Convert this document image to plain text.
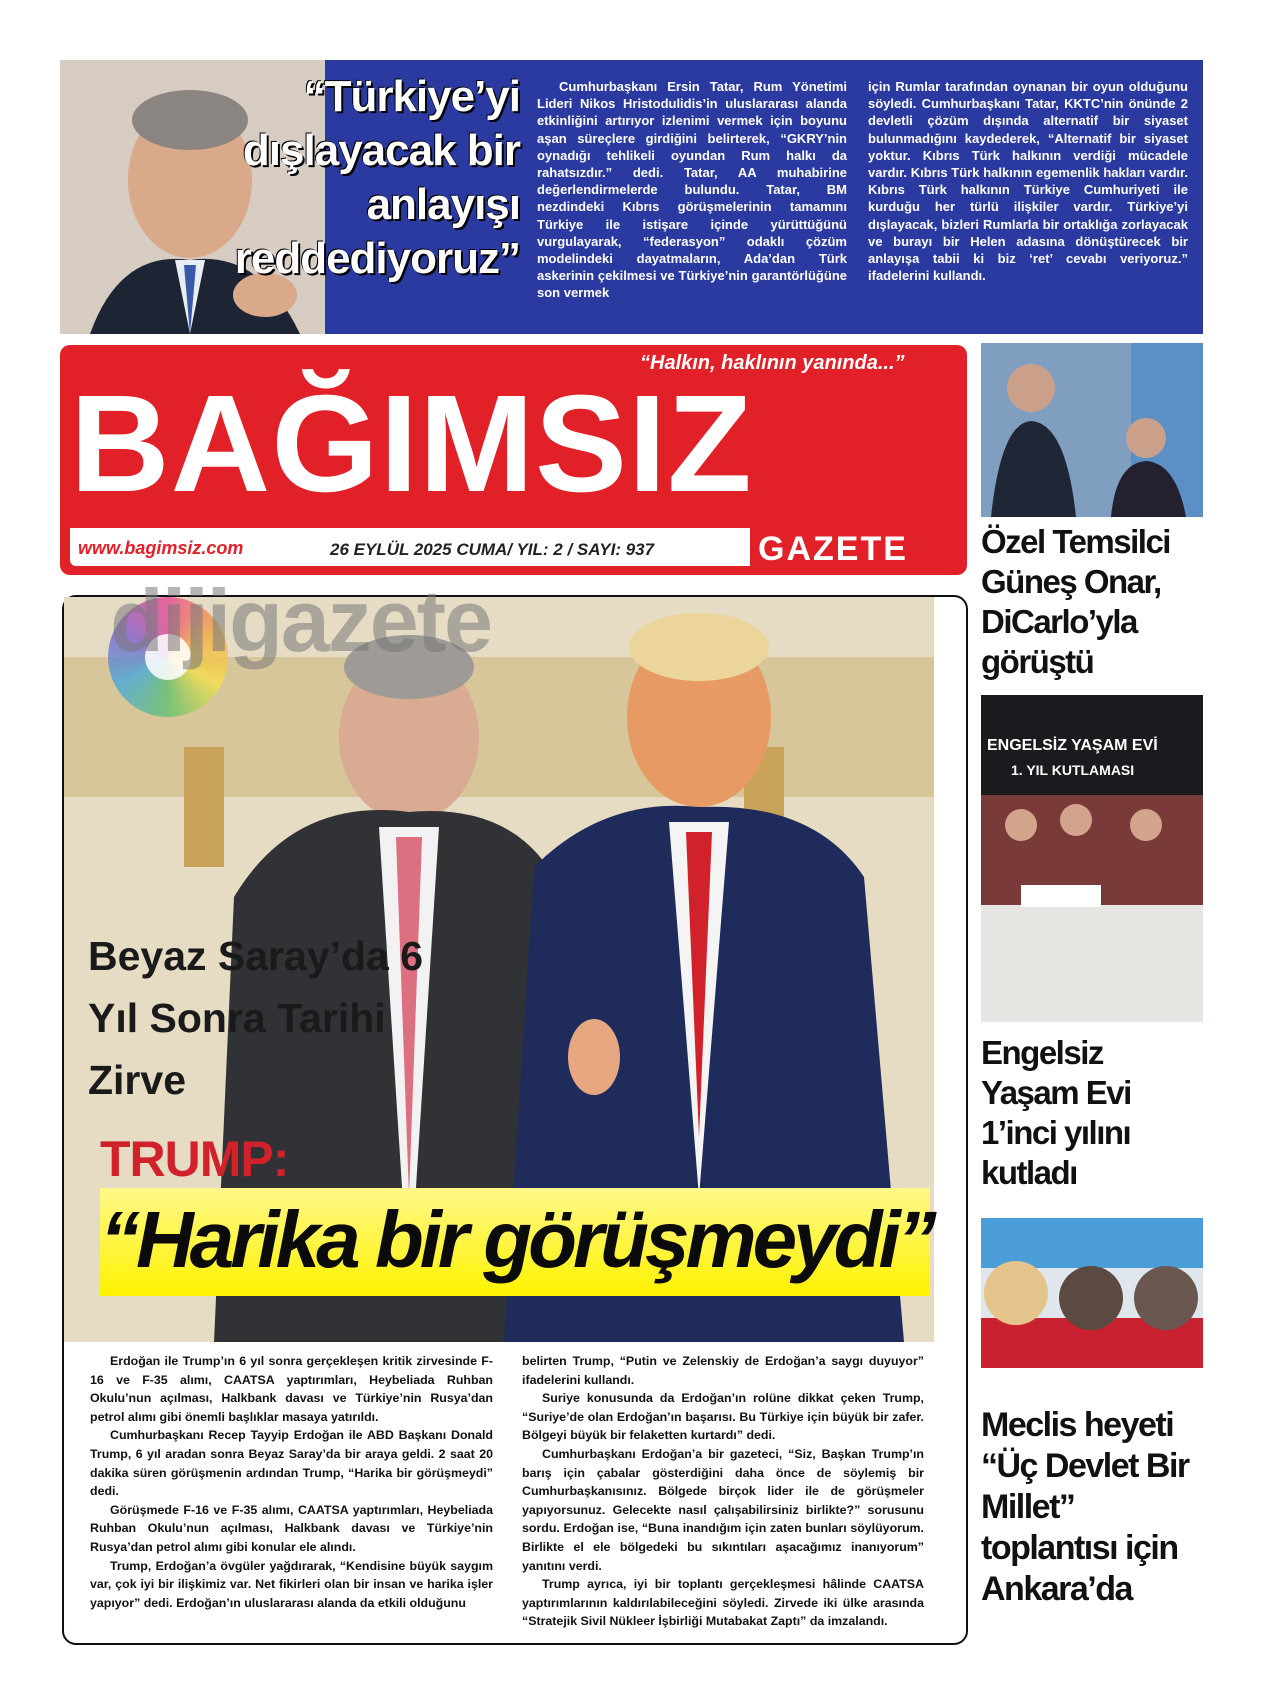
“Türkiye’yi dışlayacak bir anlayışı reddediyoruz”
Cumhurbaşkanı Ersin Tatar, Rum Yönetimi Lideri Nikos Hristodulidis’in uluslararası alanda etkinliğini artırıyor izlenimi vermek için boyunu aşan süreçlere girdiğini belirterek, “GKRY’nin oynadığı tehlikeli oyundan Rum halkı da rahatsızdır.” dedi. Tatar, AA muhabirine değerlendirmelerde bulundu. Tatar, BM nezdindeki Kıbrıs görüşmelerinin tamamını Türkiye ile istişare içinde yürüttüğünü vurgulayarak, “federasyon” odaklı çözüm modelindeki dayatmaların, Ada’dan Türk askerinin çekilmesi ve Türkiye’nin garantörlüğüne son vermek
için Rumlar tarafından oynanan bir oyun olduğunu söyledi. Cumhurbaşkanı Tatar, KKTC’nin önünde 2 devletli çözüm dışında alternatif bir siyaset bulunmadığını kaydederek, “Alternatif bir siyaset yoktur. Kıbrıs Türk halkının verdiği mücadele vardır. Kıbrıs Türk halkının egemenlik hakları vardır. Kıbrıs Türk halkının Türkiye Cumhuriyeti ile kurduğu her türlü ilişkiler vardır. Türkiye’yi dışlayacak, bizleri Rumlarla bir ortaklığa zorlayacak ve burayı bir Helen adasına dönüştürecek bir anlayışa tabii ki biz ‘ret’ cevabı veriyoruz.” ifadelerini kullandı.
“Halkın, haklının yanında...”
BAĞIMSIZ
www.bagimsiz.com	26 EYLÜL 2025 CUMA/ YIL: 2 / SAYI: 937	GAZETE Özel Temsilci Güneş Onar, DiCarlo’yla görüştü
ENGELSİZ YAŞAM EVİ
1. YIL KUTLAMASI
Engelsiz Yaşam Evi 1’inci yılını kutladı
Meclis heyeti “Üç Devlet Bir Millet” toplantısı için Ankara’da
dijigazete
Beyaz Saray’da 6 Yıl Sonra Tarihi Zirve
TRUMP:
“Harika bir görüşmeydi”

Erdoğan ile Trump’ın 6 yıl sonra gerçekleşen kritik zirvesinde F-16 ve F-35 alımı, CAATSA yaptırımları, Heybeliada Ruhban Okulu’nun açılması, Halkbank davası ve Türkiye’nin Rusya’dan petrol alımı gibi önemli başlıklar masaya yatırıldı.

Cumhurbaşkanı Recep Tayyip Erdoğan ile ABD Başkanı Donald Trump, 6 yıl aradan sonra Beyaz Saray’da bir araya geldi. 2 saat 20 dakika süren görüşmenin ardından Trump, “Harika bir görüşmeydi” dedi.

Görüşmede F-16 ve F-35 alımı, CAATSA yaptırımları, Heybeliada Ruhban Okulu’nun açılması, Halkbank davası ve Türkiye’nin Rusya’dan petrol alımı gibi konular ele alındı.

Trump, Erdoğan’a övgüler yağdırarak, “Kendisine büyük saygım var, çok iyi bir ilişkimiz var. Net fikirleri olan bir insan ve harika işler yapıyor” dedi. Erdoğan’ın uluslararası alanda da etkili olduğunu

belirten Trump, “Putin ve Zelenskiy de Erdoğan’a saygı duyuyor” ifadelerini kullandı.

Suriye konusunda da Erdoğan’ın rolüne dikkat çeken Trump, “Suriye’de olan Erdoğan’ın başarısı. Bu Türkiye için büyük bir zafer. Bölgeyi büyük bir felaketten kurtardı” dedi.

Cumhurbaşkanı Erdoğan’a bir gazeteci, “Siz, Başkan Trump’ın barış için çabalar gösterdiğini daha önce de söylemiş bir Cumhurbaşkanısınız. Bölgede birçok lider ile de görüşmeler yapıyorsunuz. Gelecekte nasıl çalışabilirsiniz birlikte?” sorusunu sordu. Erdoğan ise, “Buna inandığım için zaten bunları söylüyorum. Birlikte el ele bölgedeki bu sıkıntıları aşacağımız inanıyorum” yanıtını verdi.

Trump ayrıca, iyi bir toplantı gerçekleşmesi hâlinde CAATSA yaptırımlarının kaldırılabileceğini söyledi. Zirvede iki ülke arasında “Stratejik Sivil Nükleer İşbirliği Mutabakat Zaptı” da imzalandı.
